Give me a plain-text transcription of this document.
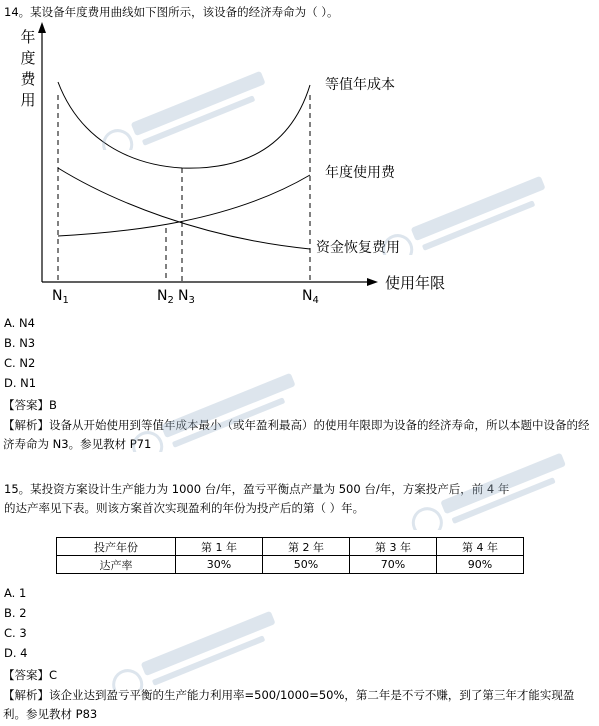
14。某设备年度费用曲线如下图所示，该设备的经济寿命为（ ）。
年
度
费
用
使用年限
等值年成本
年度使用费
资金恢复费用
$N_1$	$N_2$ $N_3$	$N_4$
A. N4
B. N3
C. N2
D. N1
【答案】B
【解析】设备从开始使用到等值年成本最小（或年盈利最高）的使用年限即为设备的经济寿命，所以本题中设备的经济寿命为 N3。参见教材 P71
15。某投资方案设计生产能力为 1000 台/年，盈亏平衡点产量为 500 台/年，方案投产后，前 4 年
的达产率见下表。则该方案首次实现盈利的年份为投产后的第（ ）年。
投产年份	第 1 年	第 2 年	第 3 年	第 4 年
达产率	30%	50%	70%	90%
A. 1
B. 2
C. 3
D. 4
【答案】C
【解析】该企业达到盈亏平衡的生产能力利用率=500/1000=50%，第二年是不亏不赚，到了第三年才能实现盈利。参见教材 P83
